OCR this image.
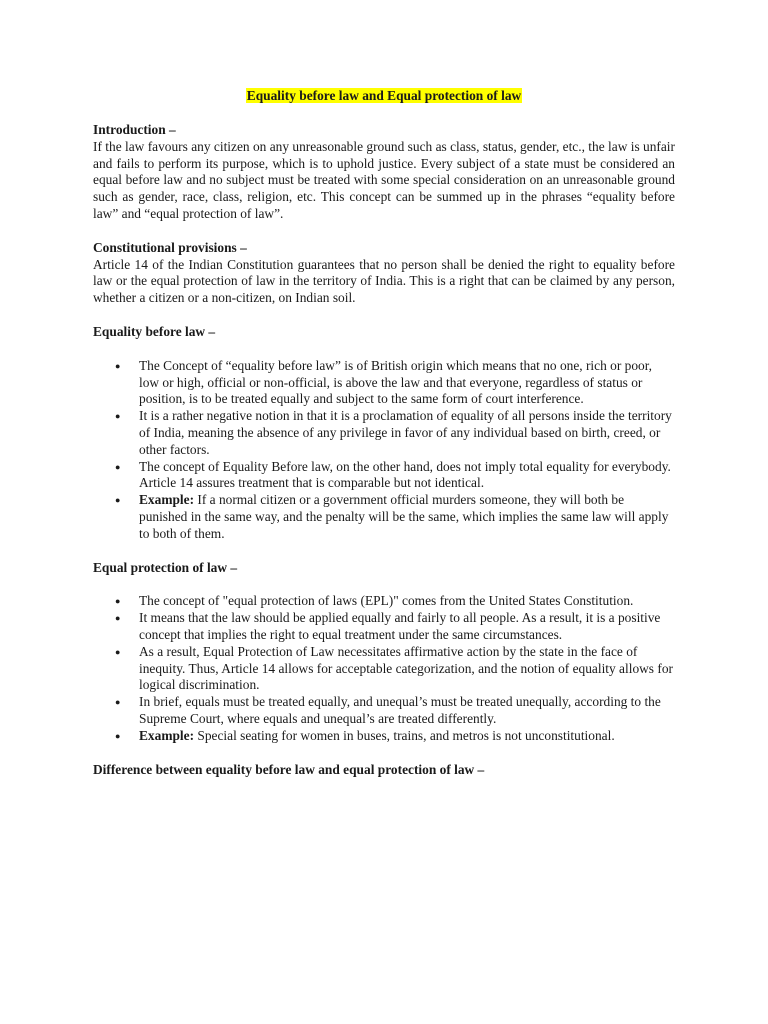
Equality before law and Equal protection of law

Introduction –

If the law favours any citizen on any unreasonable ground such as class, status, gender, etc., the law is unfair and fails to perform its purpose, which is to uphold justice. Every subject of a state must be considered an equal before law and no subject must be treated with some special consideration on an unreasonable ground such as gender, race, class, religion, etc. This concept can be summed up in the phrases “equality before law” and “equal protection of law”.

Constitutional provisions –

Article 14 of the Indian Constitution guarantees that no person shall be denied the right to equality before law or the equal protection of law in the territory of India. This is a right that can be claimed by any person, whether a citizen or a non-citizen, on Indian soil.

Equality before law –

● The Concept of “equality before law” is of British origin which means that no one, rich or poor, low or high, official or non-official, is above the law and that everyone, regardless of status or position, is to be treated equally and subject to the same form of court interference.
● It is a rather negative notion in that it is a proclamation of equality of all persons inside the territory of India, meaning the absence of any privilege in favor of any individual based on birth, creed, or other factors.
● The concept of Equality Before law, on the other hand, does not imply total equality for everybody. Article 14 assures treatment that is comparable but not identical.
● Example: If a normal citizen or a government official murders someone, they will both be punished in the same way, and the penalty will be the same, which implies the same law will apply to both of them.

Equal protection of law –

● The concept of "equal protection of laws (EPL)" comes from the United States Constitution.
● It means that the law should be applied equally and fairly to all people. As a result, it is a positive concept that implies the right to equal treatment under the same circumstances.
● As a result, Equal Protection of Law necessitates affirmative action by the state in the face of inequity. Thus, Article 14 allows for acceptable categorization, and the notion of equality allows for logical discrimination.
● In brief, equals must be treated equally, and unequal’s must be treated unequally, according to the Supreme Court, where equals and unequal’s are treated differently.
● Example: Special seating for women in buses, trains, and metros is not unconstitutional.

Difference between equality before law and equal protection of law –
